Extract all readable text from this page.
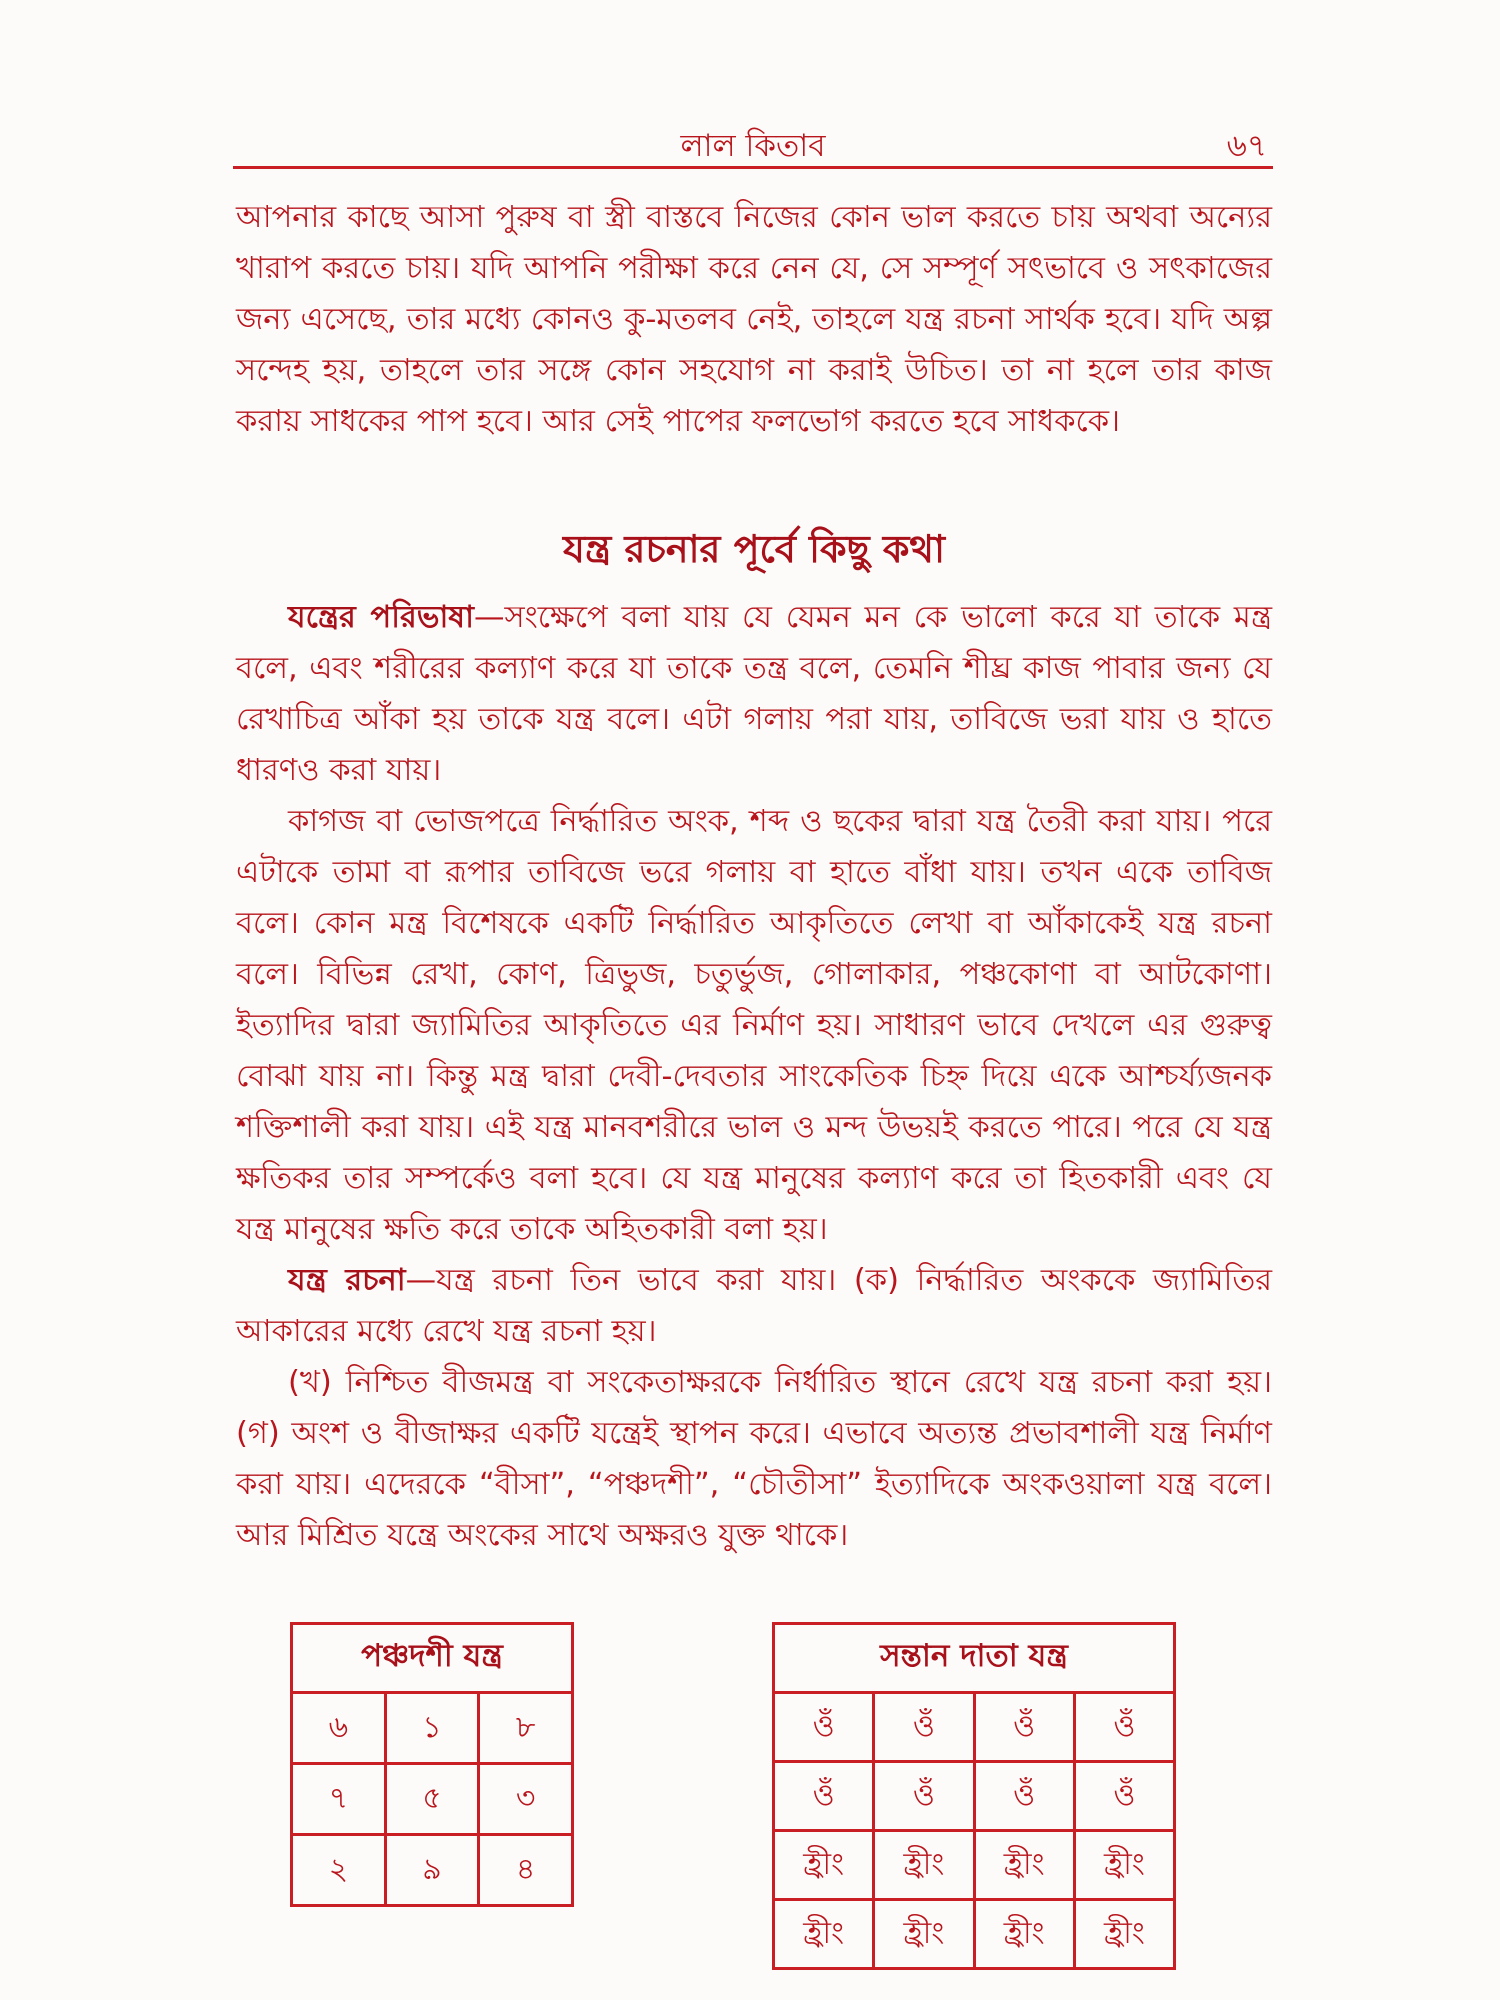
লাল কিতাব	৬৭

আপনার কাছে আসা পুরুষ বা স্ত্রী বাস্তবে নিজের কোন ভাল করতে চায় অথবা অন্যের খারাপ করতে চায়। যদি আপনি পরীক্ষা করে নেন যে, সে সম্পূর্ণ সৎভাবে ও সৎকাজের জন্য এসেছে, তার মধ্যে কোনও কু-মতলব নেই, তাহলে যন্ত্র রচনা সার্থক হবে। যদি অল্প সন্দেহ হয়, তাহলে তার সঙ্গে কোন সহযোগ না করাই উচিত। তা না হলে তার কাজ করায় সাধকের পাপ হবে। আর সেই পাপের ফলভোগ করতে হবে সাধককে।

যন্ত্র রচনার পূর্বে কিছু কথা

যন্ত্রের পরিভাষা—সংক্ষেপে বলা যায় যে যেমন মন কে ভালো করে যা তাকে মন্ত্র বলে, এবং শরীরের কল্যাণ করে যা তাকে তন্ত্র বলে, তেমনি শীঘ্র কাজ পাবার জন্য যে রেখাচিত্র আঁকা হয় তাকে যন্ত্র বলে। এটা গলায় পরা যায়, তাবিজে ভরা যায় ও হাতে ধারণও করা যায়।

কাগজ বা ভোজপত্রে নির্দ্ধারিত অংক, শব্দ ও ছকের দ্বারা যন্ত্র তৈরী করা যায়। পরে এটাকে তামা বা রূপার তাবিজে ভরে গলায় বা হাতে বাঁধা যায়। তখন একে তাবিজ বলে। কোন মন্ত্র বিশেষকে একটি নির্দ্ধারিত আকৃতিতে লেখা বা আঁকাকেই যন্ত্র রচনা বলে। বিভিন্ন রেখা, কোণ, ত্রিভুজ, চতুর্ভুজ, গোলাকার, পঞ্চকোণা বা আটকোণা। ইত্যাদির দ্বারা জ্যামিতির আকৃতিতে এর নির্মাণ হয়। সাধারণ ভাবে দেখলে এর গুরুত্ব বোঝা যায় না। কিন্তু মন্ত্র দ্বারা দেবী-দেবতার সাংকেতিক চিহ্ন দিয়ে একে আশ্চর্য্যজনক শক্তিশালী করা যায়। এই যন্ত্র মানবশরীরে ভাল ও মন্দ উভয়ই করতে পারে। পরে যে যন্ত্র ক্ষতিকর তার সম্পর্কেও বলা হবে। যে যন্ত্র মানুষের কল্যাণ করে তা হিতকারী এবং যে যন্ত্র মানুষের ক্ষতি করে তাকে অহিতকারী বলা হয়।

যন্ত্র রচনা—যন্ত্র রচনা তিন ভাবে করা যায়। (ক) নির্দ্ধারিত অংককে জ্যামিতির আকারের মধ্যে রেখে যন্ত্র রচনা হয়।

(খ) নিশ্চিত বীজমন্ত্র বা সংকেতাক্ষরকে নির্ধারিত স্থানে রেখে যন্ত্র রচনা করা হয়। (গ) অংশ ও বীজাক্ষর একটি যন্ত্রেই স্থাপন করে। এভাবে অত্যন্ত প্রভাবশালী যন্ত্র নির্মাণ করা যায়। এদেরকে “বীসা”, “পঞ্চদশী”, “চৌতীসা” ইত্যাদিকে অংকওয়ালা যন্ত্র বলে। আর মিশ্রিত যন্ত্রে অংকের সাথে অক্ষরও যুক্ত থাকে।

পঞ্চদশী যন্ত্র		
৬	১	৮
৭	৫	৩
২	৯	৪
সন্তান দাতা যন্ত্র			
ওঁ	ওঁ	ওঁ	ওঁ
ওঁ	ওঁ	ওঁ	ওঁ
হ্রীং	হ্রীং	হ্রীং	হ্রীং
হ্রীং	হ্রীং	হ্রীং	হ্রীং
